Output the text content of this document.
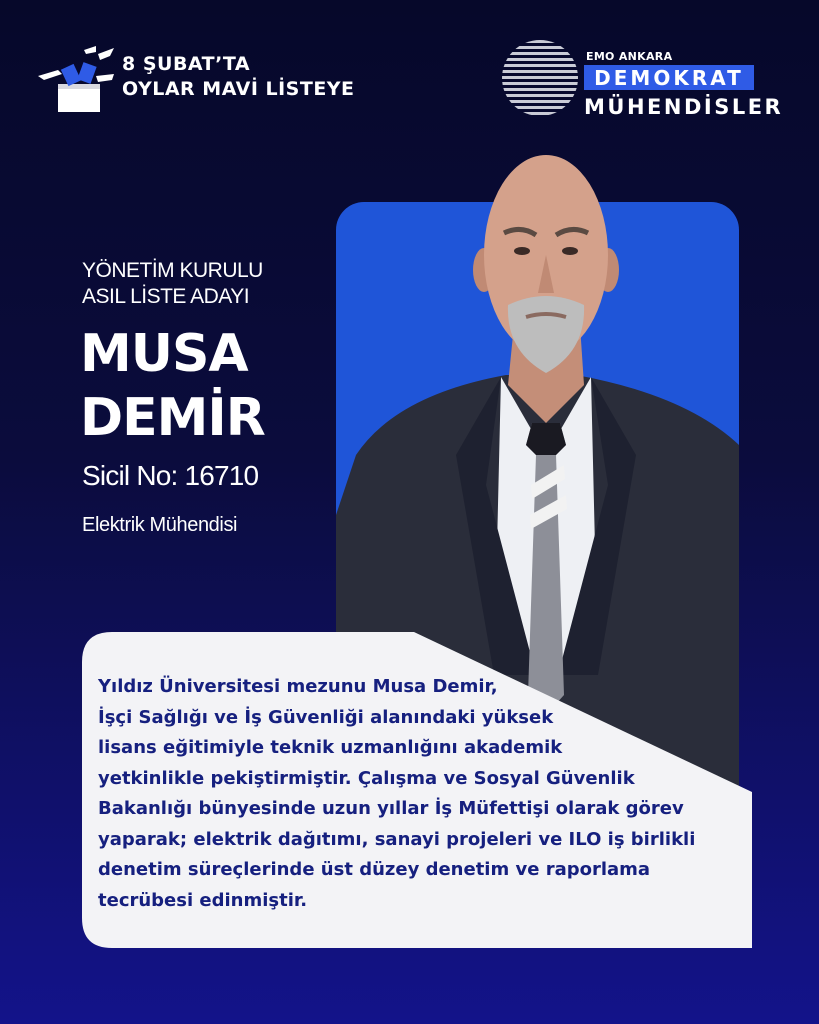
8 ŞUBAT’TA
OYLAR MAVİ LİSTEYE
EMO ANKARA
DEMOKRAT
MÜHENDİSLER
YÖNETİM KURULU
ASIL LİSTE ADAYI
MUSA
DEMİR
Sicil No: 16710
Elektrik Mühendisi
Yıldız Üniversitesi mezunu Musa Demir,
İşçi Sağlığı ve İş Güvenliği alanındaki yüksek
lisans eğitimiyle teknik uzmanlığını akademik
yetkinlikle pekiştirmiştir. Çalışma ve Sosyal Güvenlik
Bakanlığı bünyesinde uzun yıllar İş Müfettişi olarak görev
yaparak; elektrik dağıtımı, sanayi projeleri ve ILO iş birlikli
denetim süreçlerinde üst düzey denetim ve raporlama
tecrübesi edinmiştir.
